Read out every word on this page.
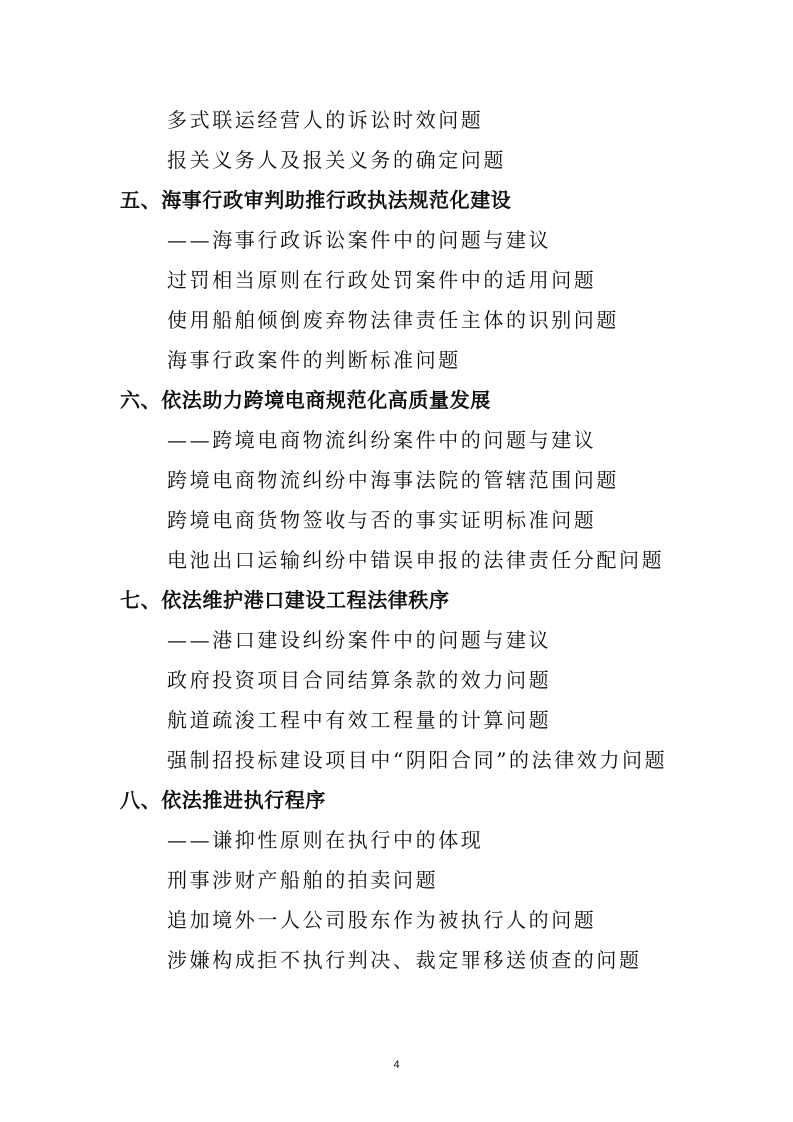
多式联运经营人的诉讼时效问题
报关义务人及报关义务的确定问题
五、海事行政审判助推行政执法规范化建设
——海事行政诉讼案件中的问题与建议
过罚相当原则在行政处罚案件中的适用问题
使用船舶倾倒废弃物法律责任主体的识别问题
海事行政案件的判断标准问题
六、依法助力跨境电商规范化高质量发展
——跨境电商物流纠纷案件中的问题与建议
跨境电商物流纠纷中海事法院的管辖范围问题
跨境电商货物签收与否的事实证明标准问题
电池出口运输纠纷中错误申报的法律责任分配问题
七、依法维护港口建设工程法律秩序
——港口建设纠纷案件中的问题与建议
政府投资项目合同结算条款的效力问题
航道疏浚工程中有效工程量的计算问题
强制招投标建设项目中“阴阳合同”的法律效力问题
八、依法推进执行程序
——谦抑性原则在执行中的体现
刑事涉财产船舶的拍卖问题
追加境外一人公司股东作为被执行人的问题
涉嫌构成拒不执行判决、裁定罪移送侦查的问题
4
